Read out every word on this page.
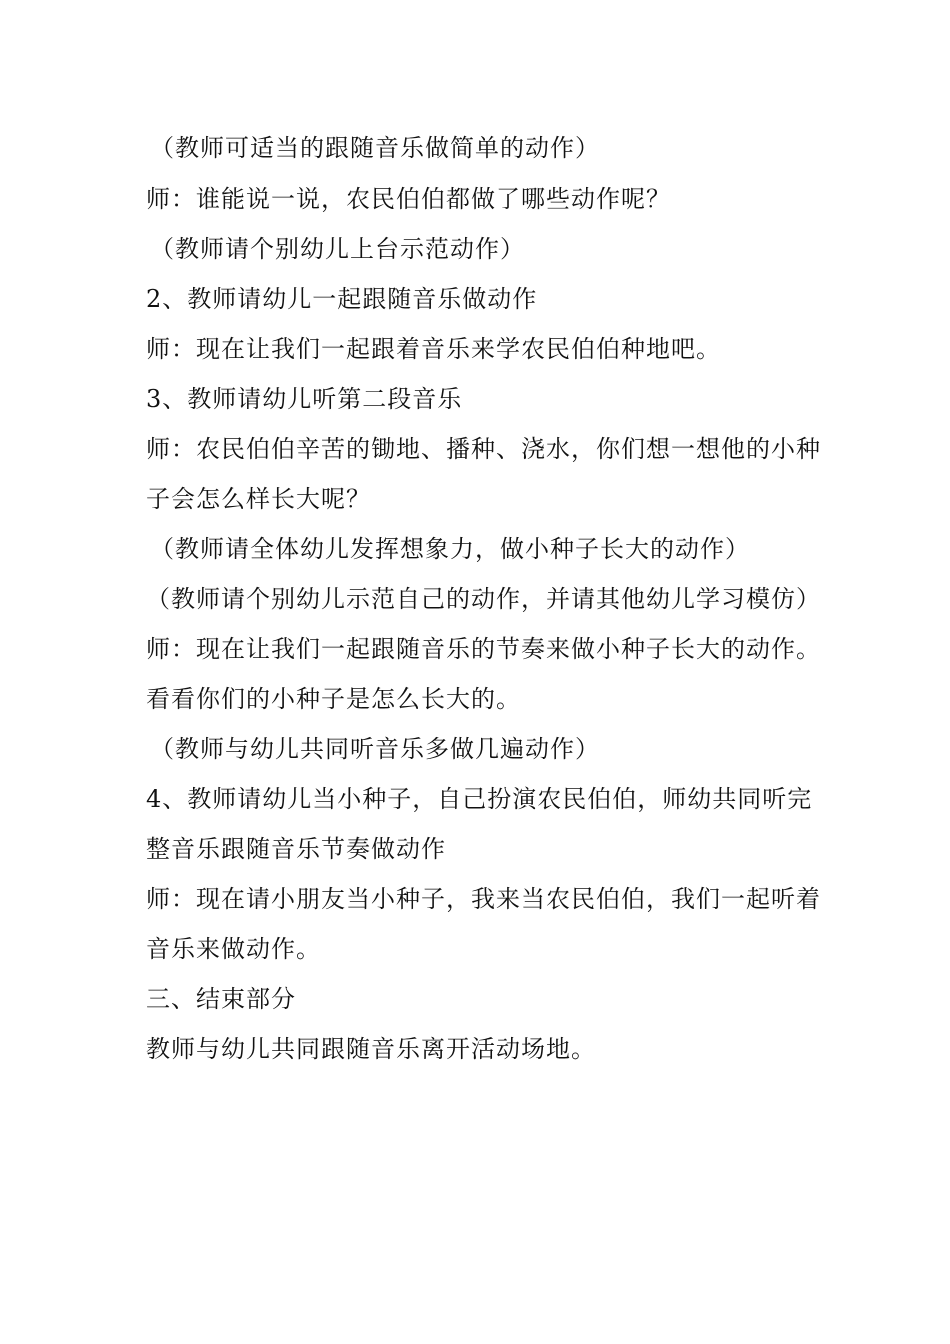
（教师可适当的跟随音乐做简单的动作）
师：谁能说一说，农民伯伯都做了哪些动作呢？
（教师请个别幼儿上台示范动作）
2、教师请幼儿一起跟随音乐做动作
师：现在让我们一起跟着音乐来学农民伯伯种地吧。
3、教师请幼儿听第二段音乐
师：农民伯伯辛苦的锄地、播种、浇水，你们想一想他的小种
子会怎么样长大呢？
（教师请全体幼儿发挥想象力，做小种子长大的动作）
（教师请个别幼儿示范自己的动作，并请其他幼儿学习模仿）
师：现在让我们一起跟随音乐的节奏来做小种子长大的动作。
看看你们的小种子是怎么长大的。
（教师与幼儿共同听音乐多做几遍动作）
4、教师请幼儿当小种子，自己扮演农民伯伯，师幼共同听完
整音乐跟随音乐节奏做动作
师：现在请小朋友当小种子，我来当农民伯伯，我们一起听着
音乐来做动作。
三、结束部分
教师与幼儿共同跟随音乐离开活动场地。
